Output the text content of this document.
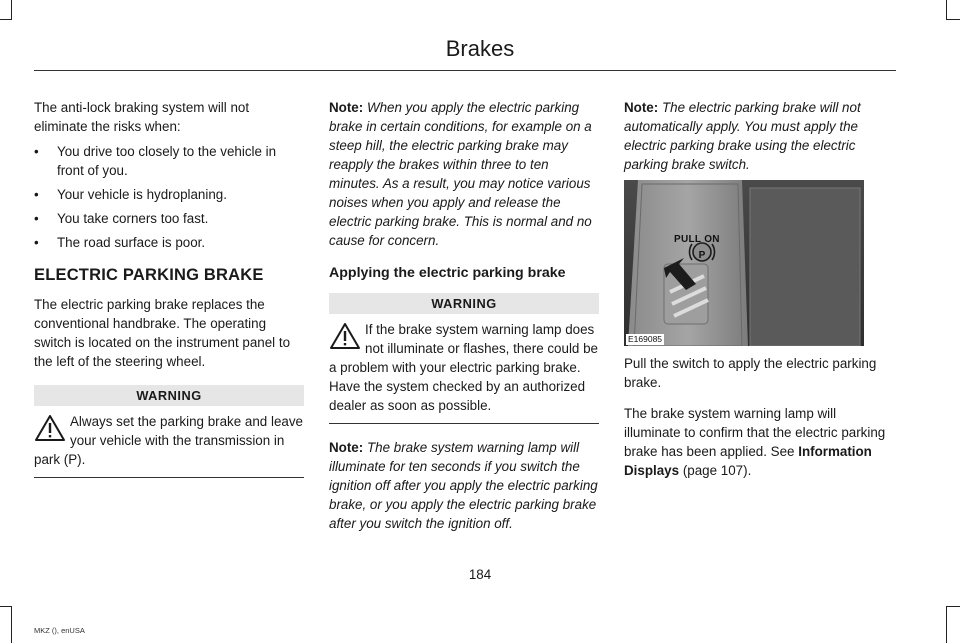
Brakes

The anti-lock braking system will not eliminate the risks when:

• You drive too closely to the vehicle in front of you.
• Your vehicle is hydroplaning.
• You take corners too fast.
• The road surface is poor.
ELECTRIC PARKING BRAKE

The electric parking brake replaces the conventional handbrake. The operating switch is located on the instrument panel to the left of the steering wheel.

WARNING
Always set the parking brake and leave your vehicle with the transmission in park (P).

Note: When you apply the electric parking brake in certain conditions, for example on a steep hill, the electric parking brake may reapply the brakes within three to ten minutes. As a result, you may notice various noises when you apply and release the electric parking brake. This is normal and no cause for concern.

Applying the electric parking brake
WARNING
If the brake system warning lamp does not illuminate or flashes, there could be a problem with your electric parking brake. Have the system checked by an authorized dealer as soon as possible.

Note: The brake system warning lamp will illuminate for ten seconds if you switch the ignition off after you apply the electric parking brake, or you apply the electric parking brake after you switch the ignition off.

Note: The electric parking brake will not automatically apply. You must apply the electric parking brake using the electric parking brake switch.

PULL ON
P
E169085

Pull the switch to apply the electric parking brake.

The brake system warning lamp will illuminate to confirm that the electric parking brake has been applied. See Information Displays (page 107).

184
MKZ (), enUSA
